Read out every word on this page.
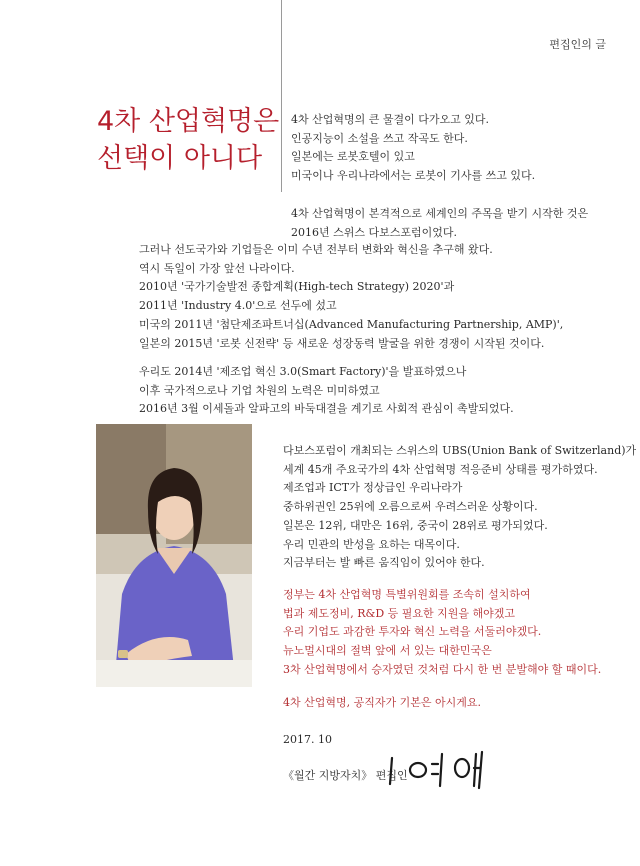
편집인의 글
4차 산업혁명은
선택이 아니다
4차 산업혁명의 큰 물결이 다가오고 있다.
인공지능이 소설을 쓰고 작곡도 한다.
일본에는 로봇호텔이 있고
미국이나 우리나라에서는 로봇이 기사를 쓰고 있다.
4차 산업혁명이 본격적으로 세계인의 주목을 받기 시작한 것은
2016년 스위스 다보스포럼이었다.
그러나 선도국가와 기업들은 이미 수년 전부터 변화와 혁신을 추구해 왔다.
역시 독일이 가장 앞선 나라이다.
2010년 '국가기술발전 종합계획(High-tech Strategy) 2020'과
2011년 'Industry 4.0'으로 선두에 섰고
미국의 2011년 '첨단제조파트너십(Advanced Manufacturing Partnership, AMP)',
일본의 2015년 '로봇 신전략' 등 새로운 성장동력 발굴을 위한 경쟁이 시작된 것이다.
우리도 2014년 '제조업 혁신 3.0(Smart Factory)'을 발표하였으나
이후 국가적으로나 기업 차원의 노력은 미미하였고
2016년 3월 이세돌과 알파고의 바둑대결을 계기로 사회적 관심이 촉발되었다.
다보스포럼이 개최되는 스위스의 UBS(Union Bank of Switzerland)가
세계 45개 주요국가의 4차 산업혁명 적응준비 상태를 평가하였다.
제조업과 ICT가 정상급인 우리나라가
중하위권인 25위에 오름으로써 우려스러운 상황이다.
일본은 12위, 대만은 16위, 중국이 28위로 평가되었다.
우리 민관의 반성을 요하는 대목이다.
지금부터는 발 빠른 움직임이 있어야 한다.
정부는 4차 산업혁명 특별위원회를 조속히 설치하여
법과 제도정비, R&D 등 필요한 지원을 해야겠고
우리 기업도 과감한 투자와 혁신 노력을 서둘러야겠다.
뉴노멀시대의 절벽 앞에 서 있는 대한민국은
3차 산업혁명에서 승자였던 것처럼 다시 한 번 분발해야 할 때이다.
4차 산업혁명, 공직자가 기본은 아시게요.

2017. 10

《월간 지방자치》 편집인
